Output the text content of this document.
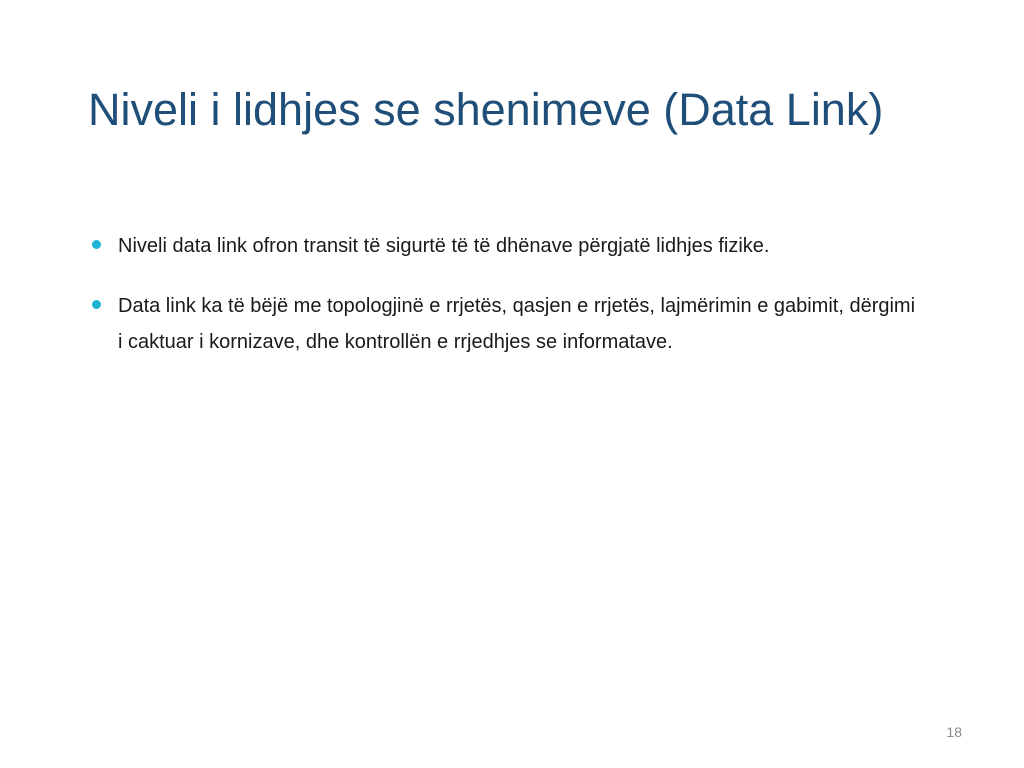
Niveli i lidhjes se shenimeve (Data Link)
Niveli data link ofron transit të sigurtë të të dhënave përgjatë lidhjes fizike.
Data link ka të bëjë me topologjinë e rrjetës, qasjen e rrjetës, lajmërimin e gabimit, dërgimi i caktuar i kornizave, dhe kontrollën e rrjedhjes se informatave.
18
